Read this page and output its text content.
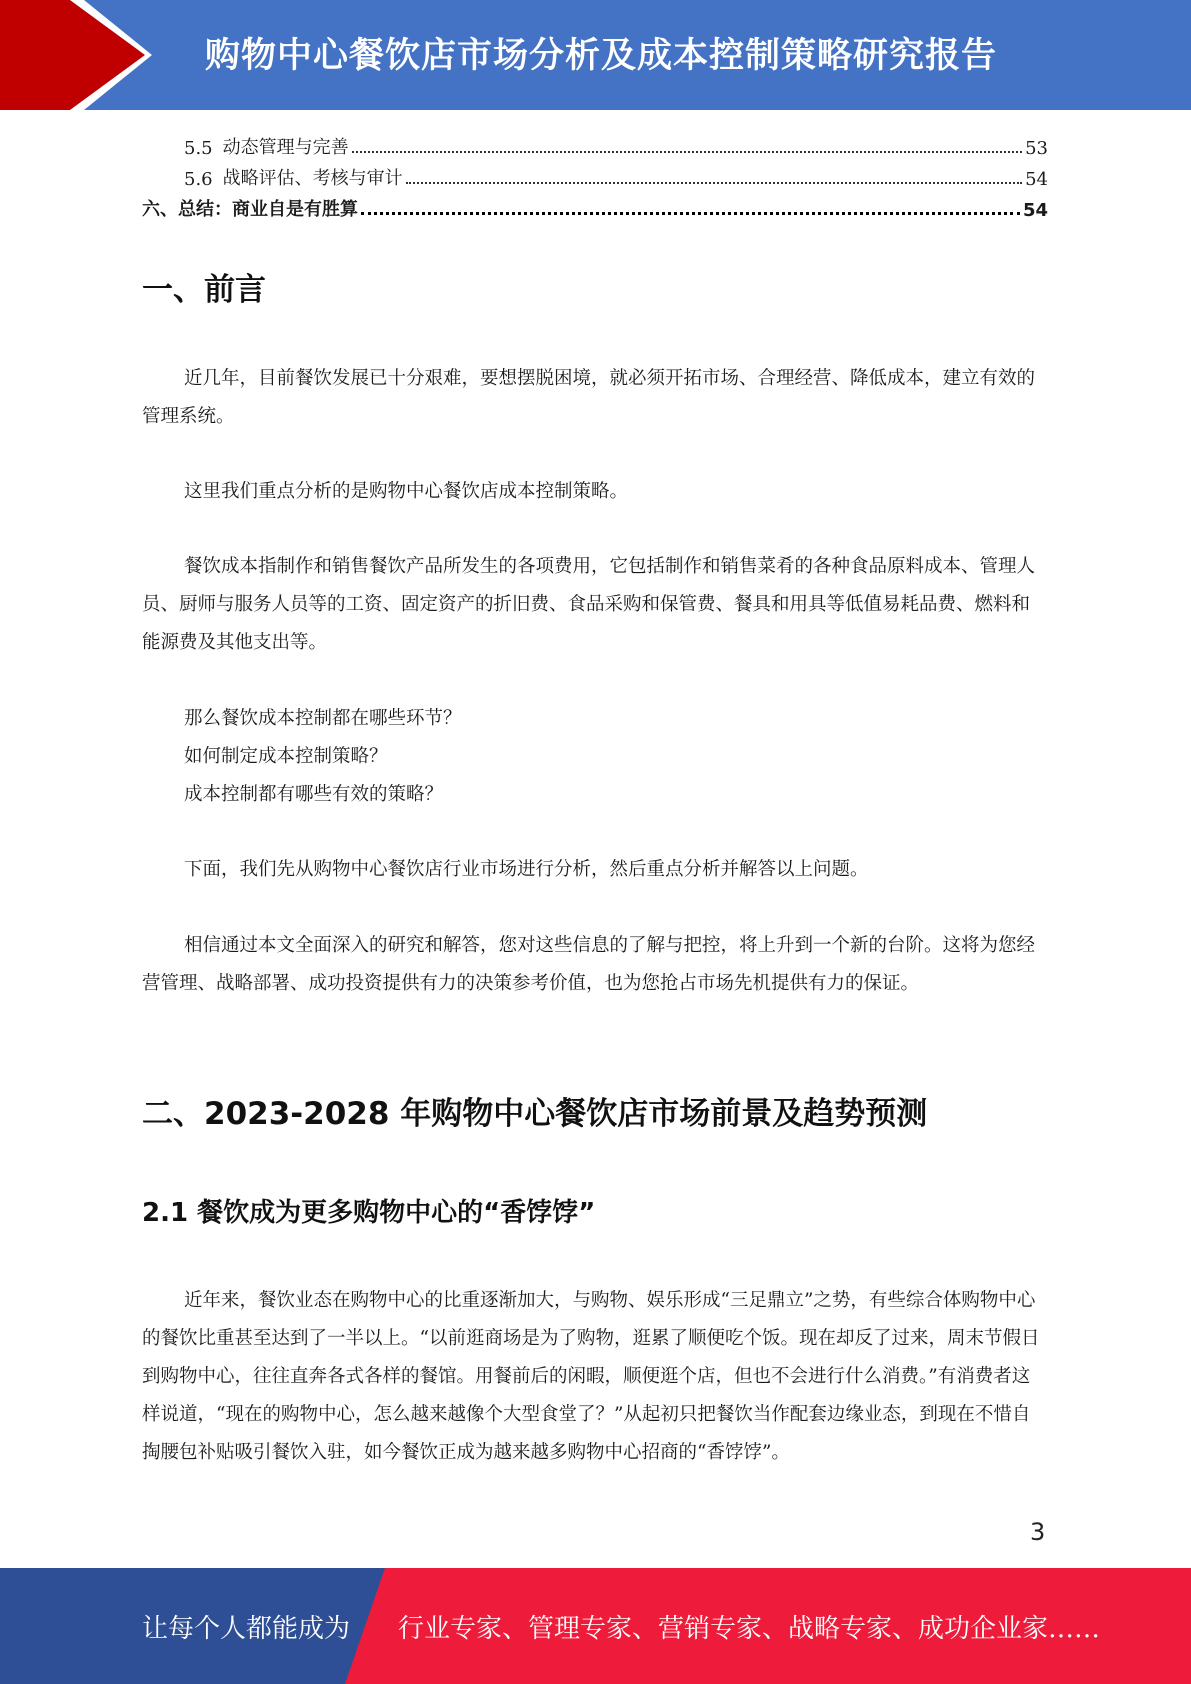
购物中心餐饮店市场分析及成本控制策略研究报告
5.5 动态管理与完善	53
5.6 战略评估、考核与审计	54
六、总结：商业自是有胜算	54
一、前言

近几年，目前餐饮发展已十分艰难，要想摆脱困境，就必须开拓市场、合理经营、降低成本，建立有效的管理系统。

这里我们重点分析的是购物中心餐饮店成本控制策略。

餐饮成本指制作和销售餐饮产品所发生的各项费用，它包括制作和销售菜肴的各种食品原料成本、管理人员、厨师与服务人员等的工资、固定资产的折旧费、食品采购和保管费、餐具和用具等低值易耗品费、燃料和能源费及其他支出等。

那么餐饮成本控制都在哪些环节？
如何制定成本控制策略？
成本控制都有哪些有效的策略？

下面，我们先从购物中心餐饮店行业市场进行分析，然后重点分析并解答以上问题。

相信通过本文全面深入的研究和解答，您对这些信息的了解与把控，将上升到一个新的台阶。这将为您经营管理、战略部署、成功投资提供有力的决策参考价值，也为您抢占市场先机提供有力的保证。

二、2023-2028 年购物中心餐饮店市场前景及趋势预测
2.1 餐饮成为更多购物中心的“香饽饽”

近年来，餐饮业态在购物中心的比重逐渐加大，与购物、娱乐形成“三足鼎立”之势，有些综合体购物中心的餐饮比重甚至达到了一半以上。“以前逛商场是为了购物，逛累了顺便吃个饭。现在却反了过来，周末节假日到购物中心，往往直奔各式各样的餐馆。用餐前后的闲暇，顺便逛个店，但也不会进行什么消费。”有消费者这样说道，“现在的购物中心，怎么越来越像个大型食堂了？”从起初只把餐饮当作配套边缘业态，到现在不惜自掏腰包补贴吸引餐饮入驻，如今餐饮正成为越来越多购物中心招商的“香饽饽”。

3
让每个人都能成为 行业专家、管理专家、营销专家、战略专家、成功企业家……
